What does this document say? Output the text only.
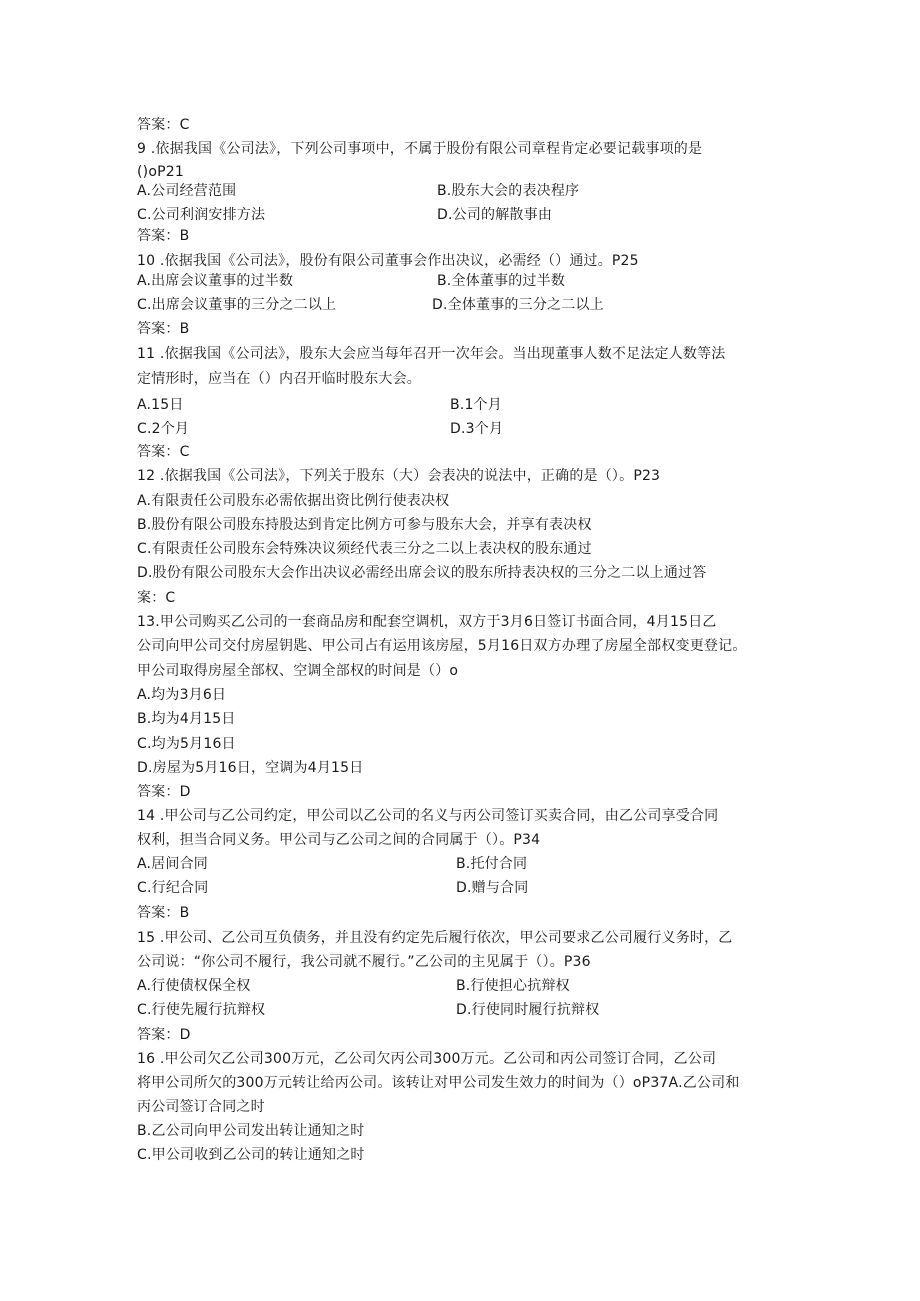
答案：C
9 .依据我国《公司法》，下列公司事项中，不属于股份有限公司章程肯定必要记载事项的是
()oP21
A.公司经营范围	B.股东大会的表决程序
C.公司利润安排方法	D.公司的解散事由
答案：B
10 .依据我国《公司法》，股份有限公司董事会作出决议，必需经（）通过。P25
A.出席会议董事的过半数	B.全体董事的过半数
C.出席会议董事的三分之二以上	D.全体董事的三分之二以上
答案：B
11 .依据我国《公司法》，股东大会应当每年召开一次年会。当出现董事人数不足法定人数等法
定情形时，应当在（）内召开临时股东大会。
A.15日	B.1个月
C.2个月	D.3个月
答案：C
12 .依据我国《公司法》，下列关于股东（大）会表决的说法中，正确的是（）。P23
A.有限责任公司股东必需依据出资比例行使表决权
B.股份有限公司股东持股达到肯定比例方可参与股东大会，并享有表决权
C.有限责任公司股东会特殊决议须经代表三分之二以上表决权的股东通过
D.股份有限公司股东大会作出决议必需经出席会议的股东所持表决权的三分之二以上通过答
案：C
13.甲公司购买乙公司的一套商品房和配套空调机，双方于3月6日签订书面合同，4月15日乙
公司向甲公司交付房屋钥匙、甲公司占有运用该房屋，5月16日双方办理了房屋全部权变更登记。
甲公司取得房屋全部权、空调全部权的时间是（）o
A.均为3月6日
B.均为4月15日
C.均为5月16日
D.房屋为5月16日，空调为4月15日
答案：D
14 .甲公司与乙公司约定，甲公司以乙公司的名义与丙公司签订买卖合同，由乙公司享受合同
权利，担当合同义务。甲公司与乙公司之间的合同属于（）。P34
A.居间合同	B.托付合同
C.行纪合同	D.赠与合同
答案：B
15 .甲公司、乙公司互负债务，并且没有约定先后履行依次，甲公司要求乙公司履行义务时，乙
公司说：“你公司不履行，我公司就不履行。”乙公司的主见属于（）。P36
A.行使债权保全权	B.行使担心抗辩权
C.行使先履行抗辩权	D.行使同时履行抗辩权
答案：D
16 .甲公司欠乙公司300万元，乙公司欠丙公司300万元。乙公司和丙公司签订合同，乙公司
将甲公司所欠的300万元转让给丙公司。该转让对甲公司发生效力的时间为（）oP37A.乙公司和
丙公司签订合同之时
B.乙公司向甲公司发出转让通知之时
C.甲公司收到乙公司的转让通知之时
